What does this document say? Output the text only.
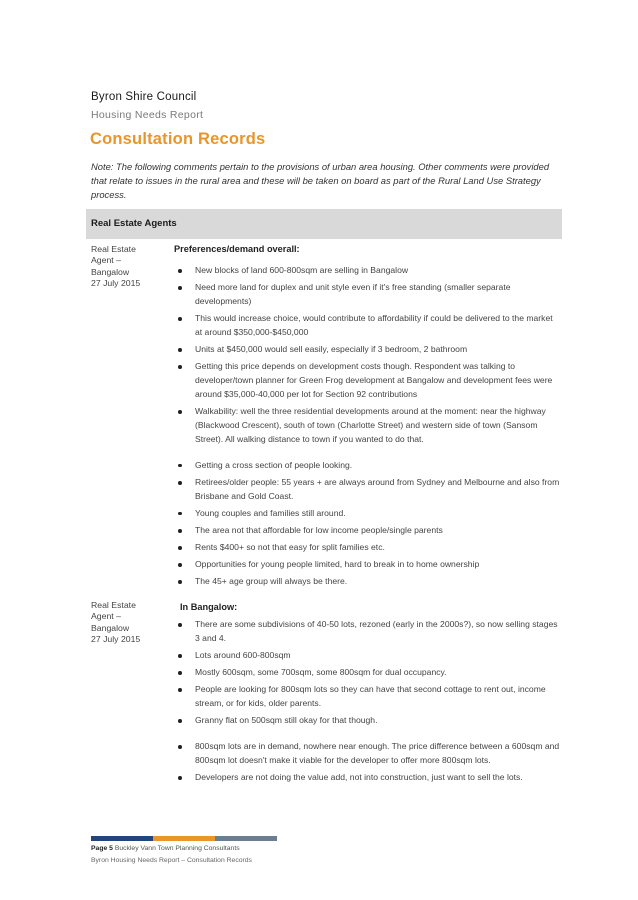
Byron Shire Council
Housing Needs Report
Consultation Records
Note: The following comments pertain to the provisions of urban area housing. Other comments were provided that relate to issues in the rural area and these will be taken on board as part of the Rural Land Use Strategy process.
Real Estate Agents
Real Estate
Agent –
Bangalow
27 July 2015
Preferences/demand overall:
New blocks of land 600-800sqm are selling in Bangalow
Need more land for duplex and unit style even if it's free standing (smaller separate developments)
This would increase choice, would contribute to affordability if could be delivered to the market at around $350,000-$450,000
Units at $450,000 would sell easily, especially if 3 bedroom, 2 bathroom
Getting this price depends on development costs though. Respondent was talking to developer/town planner for Green Frog development at Bangalow and development fees were around $35,000-40,000 per lot for Section 92 contributions
Walkability: well the three residential developments around at the moment: near the highway (Blackwood Crescent), south of town (Charlotte Street) and western side of town (Sansom Street). All walking distance to town if you wanted to do that.
Getting a cross section of people looking.
Retirees/older people: 55 years + are always around from Sydney and Melbourne and also from Brisbane and Gold Coast.
Young couples and families still around.
The area not that affordable for low income people/single parents
Rents $400+ so not that easy for split families etc.
Opportunities for young people limited, hard to break in to home ownership
The 45+ age group will always be there.
Real Estate
Agent –
Bangalow
27 July 2015
In Bangalow:
There are some subdivisions of 40-50 lots, rezoned (early in the 2000s?), so now selling stages 3 and 4.
Lots around 600-800sqm
Mostly 600sqm, some 700sqm, some 800sqm for dual occupancy.
People are looking for 800sqm lots so they can have that second cottage to rent out, income stream, or for kids, older parents.
Granny flat on 500sqm still okay for that though.
800sqm lots are in demand, nowhere near enough. The price difference between a 600sqm and 800sqm lot doesn't make it viable for the developer to offer more 800sqm lots.
Developers are not doing the value add, not into construction, just want to sell the lots.
Page 5 Buckley Vann Town Planning Consultants
Byron Housing Needs Report – Consultation Records
